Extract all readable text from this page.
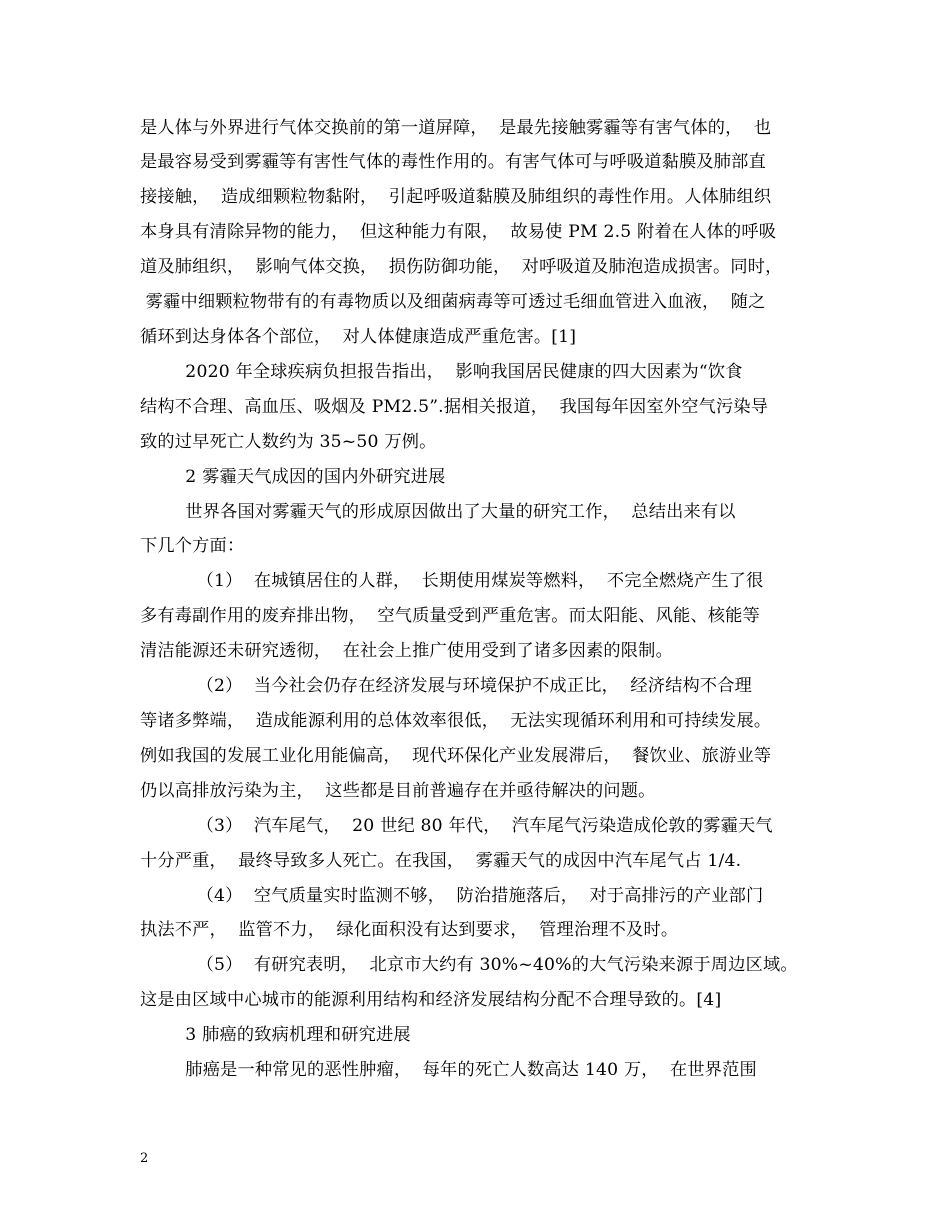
是人体与外界进行气体交换前的第一道屏障，  是最先接触雾霾等有害气体的，  也
是最容易受到雾霾等有害性气体的毒性作用的。有害气体可与呼吸道黏膜及肺部直
接接触，  造成细颗粒物黏附，  引起呼吸道黏膜及肺组织的毒性作用。人体肺组织
本身具有清除异物的能力，  但这种能力有限，  故易使 PM 2.5 附着在人体的呼吸
道及肺组织，  影响气体交换，  损伤防御功能，  对呼吸道及肺泡造成损害。同时，
雾霾中细颗粒物带有的有毒物质以及细菌病毒等可透过毛细血管进入血液，  随之
循环到达身体各个部位，  对人体健康造成严重危害。[1]
2020 年全球疾病负担报告指出，  影响我国居民健康的四大因素为“饮食
结构不合理、高血压、吸烟及 PM2.5”.据相关报道，  我国每年因室外空气污染导
致的过早死亡人数约为 35~50 万例。
2 雾霾天气成因的国内外研究进展
世界各国对雾霾天气的形成原因做出了大量的研究工作，  总结出来有以
下几个方面：
（1）  在城镇居住的人群，  长期使用煤炭等燃料，  不完全燃烧产生了很
多有毒副作用的废弃排出物，  空气质量受到严重危害。而太阳能、风能、核能等
清洁能源还未研究透彻，  在社会上推广使用受到了诸多因素的限制。
（2）  当今社会仍存在经济发展与环境保护不成正比，  经济结构不合理
等诸多弊端，  造成能源利用的总体效率很低，  无法实现循环利用和可持续发展。
例如我国的发展工业化用能偏高，  现代环保化产业发展滞后，  餐饮业、旅游业等
仍以高排放污染为主，  这些都是目前普遍存在并亟待解决的问题。
（3）  汽车尾气，  20 世纪 80 年代，  汽车尾气污染造成伦敦的雾霾天气
十分严重，  最终导致多人死亡。在我国，  雾霾天气的成因中汽车尾气占 1/4.
（4）  空气质量实时监测不够，  防治措施落后，  对于高排污的产业部门
执法不严，  监管不力，  绿化面积没有达到要求，  管理治理不及时。
（5）  有研究表明，  北京市大约有 30%~40%的大气污染来源于周边区域。
这是由区域中心城市的能源利用结构和经济发展结构分配不合理导致的。[4]
3 肺癌的致病机理和研究进展
肺癌是一种常见的恶性肿瘤，  每年的死亡人数高达 140 万，  在世界范围
2
